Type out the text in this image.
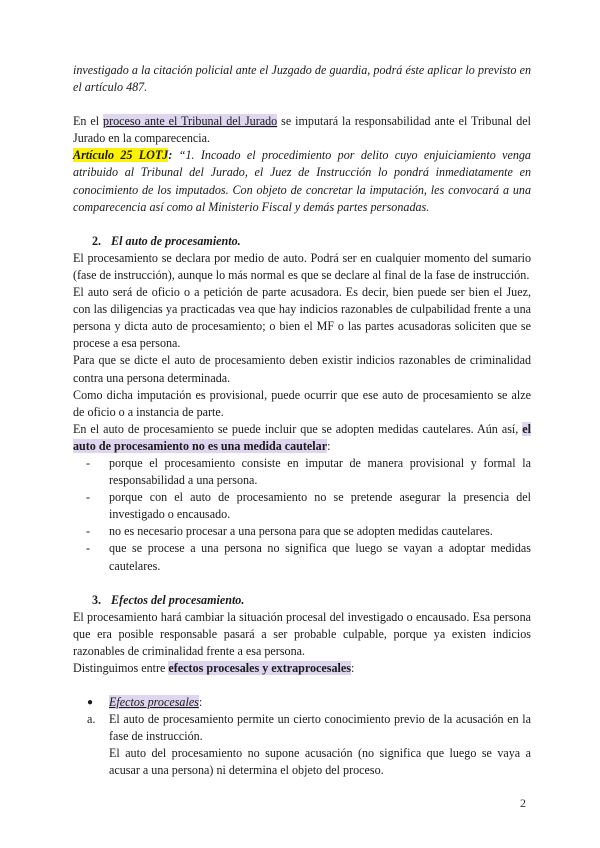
investigado a la citación policial ante el Juzgado de guardia, podrá éste aplicar lo previsto en el artículo 487.

En el proceso ante el Tribunal del Jurado se imputará la responsabilidad ante el Tribunal del Jurado en la comparecencia.

Artículo 25 LOTJ: “1. Incoado el procedimiento por delito cuyo enjuiciamiento venga atribuido al Tribunal del Jurado, el Juez de Instrucción lo pondrá inmediatamente en conocimiento de los imputados. Con objeto de concretar la imputación, les convocará a una comparecencia así como al Ministerio Fiscal y demás partes personadas.

2. El auto de procesamiento.

El procesamiento se declara por medio de auto. Podrá ser en cualquier momento del sumario (fase de instrucción), aunque lo más normal es que se declare al final de la fase de instrucción.

El auto será de oficio o a petición de parte acusadora. Es decir, bien puede ser bien el Juez, con las diligencias ya practicadas vea que hay indicios razonables de culpabilidad frente a una persona y dicta auto de procesamiento; o bien el MF o las partes acusadoras soliciten que se procese a esa persona.

Para que se dicte el auto de procesamiento deben existir indicios razonables de criminalidad contra una persona determinada.

Como dicha imputación es provisional, puede ocurrir que ese auto de procesamiento se alze de oficio o a instancia de parte.

En el auto de procesamiento se puede incluir que se adopten medidas cautelares. Aún así, el auto de procesamiento no es una medida cautelar:

- porque el procesamiento consiste en imputar de manera provisional y formal la responsabilidad a una persona.
- porque con el auto de procesamiento no se pretende asegurar la presencia del investigado o encausado.
- no es necesario procesar a una persona para que se adopten medidas cautelares.
- que se procese a una persona no significa que luego se vayan a adoptar medidas cautelares.

3. Efectos del procesamiento.

El procesamiento hará cambiar la situación procesal del investigado o encausado. Esa persona que era posible responsable pasará a ser probable culpable, porque ya existen indicios razonables de criminalidad frente a esa persona.

Distinguimos entre efectos procesales y extraprocesales:

● Efectos procesales:
a. El auto de procesamiento permite un cierto conocimiento previo de la acusación en la fase de instrucción.

El auto del procesamiento no supone acusación (no significa que luego se vaya a acusar a una persona) ni determina el objeto del proceso.

2
